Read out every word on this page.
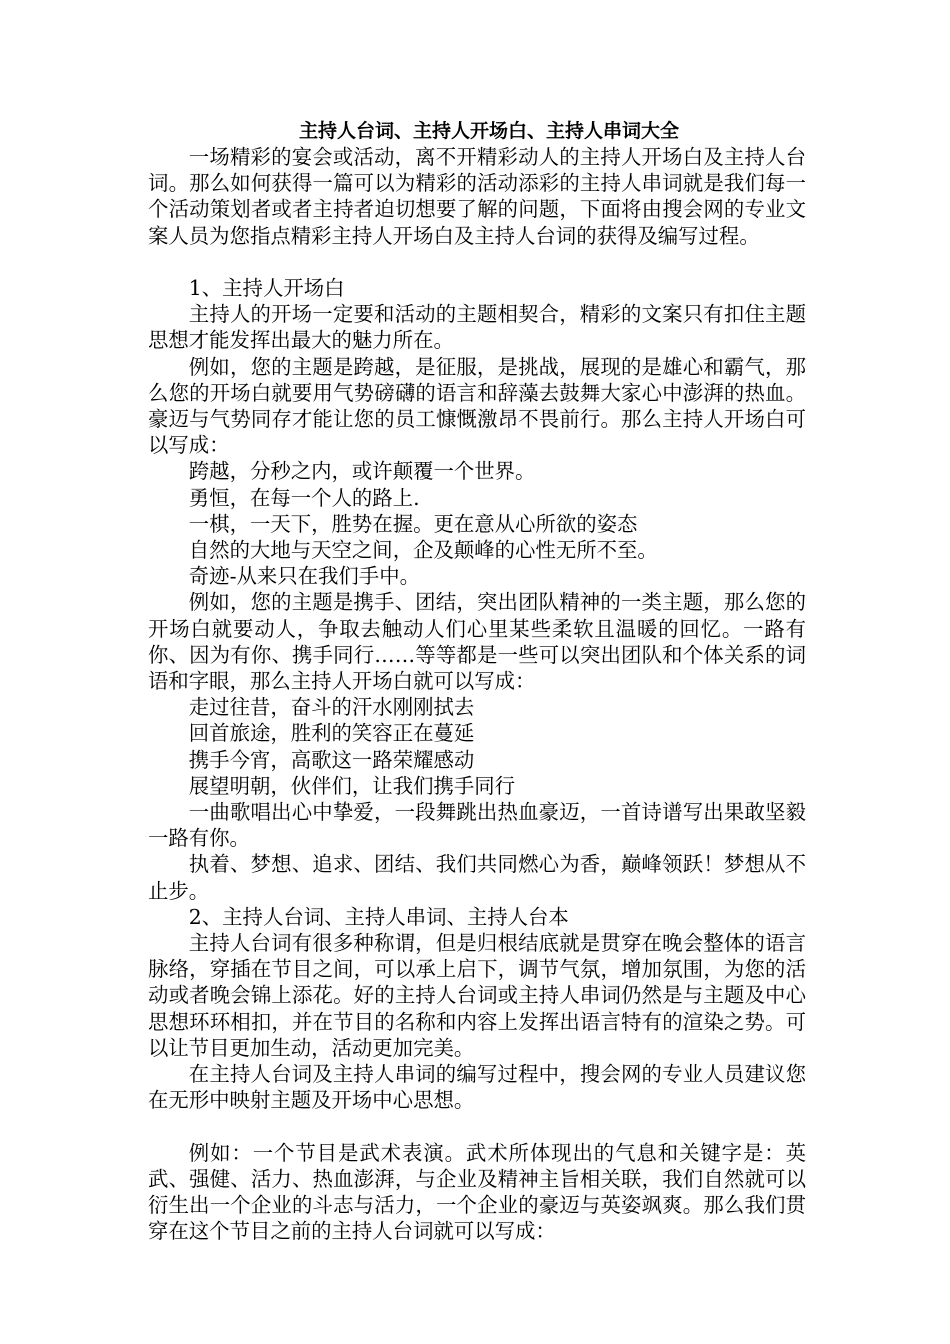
主持人台词、主持人开场白、主持人串词大全

一场精彩的宴会或活动，离不开精彩动人的主持人开场白及主持人台词。那么如何获得一篇可以为精彩的活动添彩的主持人串词就是我们每一个活动策划者或者主持者迫切想要了解的问题，下面将由搜会网的专业文案人员为您指点精彩主持人开场白及主持人台词的获得及编写过程。

1、主持人开场白

主持人的开场一定要和活动的主题相契合，精彩的文案只有扣住主题思想才能发挥出最大的魅力所在。

例如，您的主题是跨越，是征服，是挑战，展现的是雄心和霸气，那么您的开场白就要用气势磅礴的语言和辞藻去鼓舞大家心中澎湃的热血。豪迈与气势同存才能让您的员工慷慨激昂不畏前行。那么主持人开场白可以写成：

跨越，分秒之内，或许颠覆一个世界。

勇恒，在每一个人的路上.

一棋，一天下，胜势在握。更在意从心所欲的姿态

自然的大地与天空之间，企及颠峰的心性无所不至。

奇迹-从来只在我们手中。

例如，您的主题是携手、团结，突出团队精神的一类主题，那么您的开场白就要动人，争取去触动人们心里某些柔软且温暖的回忆。一路有你、因为有你、携手同行……等等都是一些可以突出团队和个体关系的词语和字眼，那么主持人开场白就可以写成：

走过往昔，奋斗的汗水刚刚拭去

回首旅途，胜利的笑容正在蔓延

携手今宵，高歌这一路荣耀感动

展望明朝，伙伴们，让我们携手同行

一曲歌唱出心中挚爱，一段舞跳出热血豪迈，一首诗谱写出果敢坚毅一路有你。

执着、梦想、追求、团结、我们共同燃心为香，巅峰领跃！梦想从不止步。

2、主持人台词、主持人串词、主持人台本

主持人台词有很多种称谓，但是归根结底就是贯穿在晚会整体的语言脉络，穿插在节目之间，可以承上启下，调节气氛，增加氛围，为您的活动或者晚会锦上添花。好的主持人台词或主持人串词仍然是与主题及中心思想环环相扣，并在节目的名称和内容上发挥出语言特有的渲染之势。可以让节目更加生动，活动更加完美。

在主持人台词及主持人串词的编写过程中，搜会网的专业人员建议您在无形中映射主题及开场中心思想。

例如：一个节目是武术表演。武术所体现出的气息和关键字是：英武、强健、活力、热血澎湃，与企业及精神主旨相关联，我们自然就可以衍生出一个企业的斗志与活力，一个企业的豪迈与英姿飒爽。那么我们贯穿在这个节目之前的主持人台词就可以写成：
